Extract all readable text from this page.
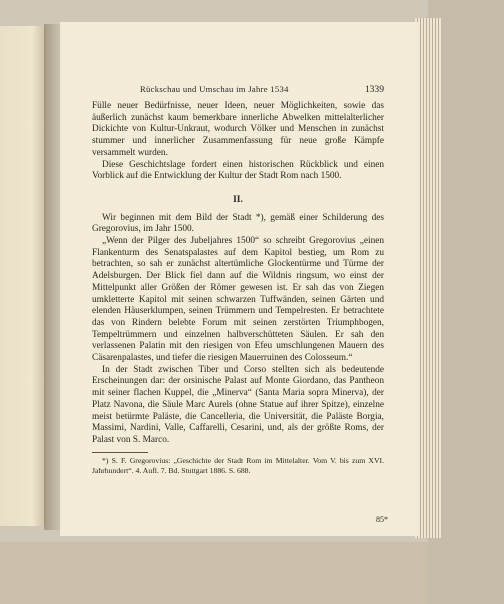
Rückschau und Umschau im Jahre 1534	1339

Fülle neuer Bedürfnisse, neuer Ideen, neuer Möglichkeiten, sowie das äußerlich zunächst kaum bemerkbare innerliche Abwelken mittelalterlicher Dickichte von Kultur-Unkraut, wodurch Völker und Menschen in zunächst stummer und innerlicher Zusammenfassung für neue große Kämpfe versammelt wurden.

Diese Geschichtslage fordert einen historischen Rückblick und einen Vorblick auf die Entwicklung der Kultur der Stadt Rom nach 1500.

II.

Wir beginnen mit dem Bild der Stadt *), gemäß einer Schilderung des Gregorovius, im Jahr 1500.

„Wenn der Pilger des Jubeljahres 1500“ so schreibt Gregorovius „einen Flankenturm des Senatspalastes auf dem Kapitol bestieg, um Rom zu betrachten, so sah er zunächst altertümliche Glockentürme und Türme der Adelsburgen. Der Blick fiel dann auf die Wildnis ringsum, wo einst der Mittelpunkt aller Größen der Römer gewesen ist. Er sah das von Ziegen umkletterte Kapitol mit seinen schwarzen Tuffwänden, seinen Gärten und elenden Häuserklumpen, seinen Trümmern und Tempelresten. Er betrachtete das von Rindern belebte Forum mit seinen zerstörten Triumphbogen, Tempeltrümmern und einzelnen halbverschütteten Säulen. Er sah den verlassenen Palatin mit den riesigen von Efeu umschlungenen Mauern des Cäsarenpalastes, und tiefer die riesigen Mauerruinen des Colosseum.“

In der Stadt zwischen Tiber und Corso stellten sich als bedeutende Erscheinungen dar: der orsinische Palast auf Monte Giordano, das Pantheon mit seiner flachen Kuppel, die „Minerva“ (Santa Maria sopra Minerva), der Platz Navona, die Säule Marc Aurels (ohne Statue auf ihrer Spitze), einzelne meist betürmte Paläste, die Cancelleria, die Universität, die Paläste Borgia, Massimi, Nardini, Valle, Caffarelli, Cesarini, und, als der größte Roms, der Palast von S. Marco.

*) S. F. Gregorovius: „Geschichte der Stadt Rom im Mittelalter. Vom V. bis zum XVI. Jahrhundert“. 4. Aufl. 7. Bd. Stuttgart 1886. S. 688.
85*
